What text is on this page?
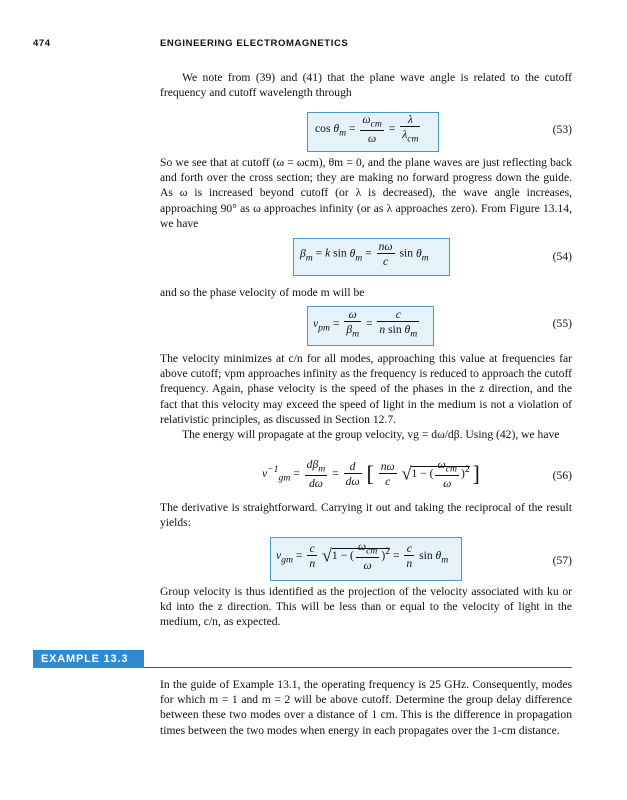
474	ENGINEERING ELECTROMAGNETICS

We note from (39) and (41) that the plane wave angle is related to the cutoff frequency and cutoff wavelength through

$\cos \theta_m = \frac{\omega_{cm}}{\omega} = \frac{\lambda}{\lambda_{cm}}$	(53)

So we see that at cutoff (ω = ωcm), θm = 0, and the plane waves are just reflecting back and forth over the cross section; they are making no forward progress down the guide. As ω is increased beyond cutoff (or λ is decreased), the wave angle increases, approaching 90° as ω approaches infinity (or as λ approaches zero). From Figure 13.14, we have

$\beta_m = k$ $\sin \theta_m = \frac{n\omega}{c}$ $\sin \theta_m$	(54)

and so the phase velocity of mode m will be

$v_{pm} = \frac{\omega}{\beta_m} = \frac{c}{n \sin \theta_m}$	(55)

The velocity minimizes at c/n for all modes, approaching this value at frequencies far above cutoff; vpm approaches infinity as the frequency is reduced to approach the cutoff frequency. Again, phase velocity is the speed of the phases in the z direction, and the fact that this velocity may exceed the speed of light in the medium is not a violation of relativistic principles, as discussed in Section 12.7.

The energy will propagate at the group velocity, vg = dω/dβ. Using (42), we have

$v^{-1}_{gm} = \frac{d\beta_m}{d\omega} = \frac{d}{d\omega}$ [ $\frac{n\omega}{c} √1$ − ( $\frac{\omega_{cm}}{\omega} )^2$ ]	(56)

The derivative is straightforward. Carrying it out and taking the reciprocal of the result yields:

$v_{gm} = \frac{c}{n} √1$ − ( $\frac{\omega_{cm}}{\omega} )^2 = \frac{c}{n}$ $\sin \theta_m$	(57)

Group velocity is thus identified as the projection of the velocity associated with ku or kd into the z direction. This will be less than or equal to the velocity of light in the medium, c/n, as expected.

EXAMPLE 13.3

In the guide of Example 13.1, the operating frequency is 25 GHz. Consequently, modes for which m = 1 and m = 2 will be above cutoff. Determine the group delay difference between these two modes over a distance of 1 cm. This is the difference in propagation times between the two modes when energy in each propagates over the 1-cm distance.
